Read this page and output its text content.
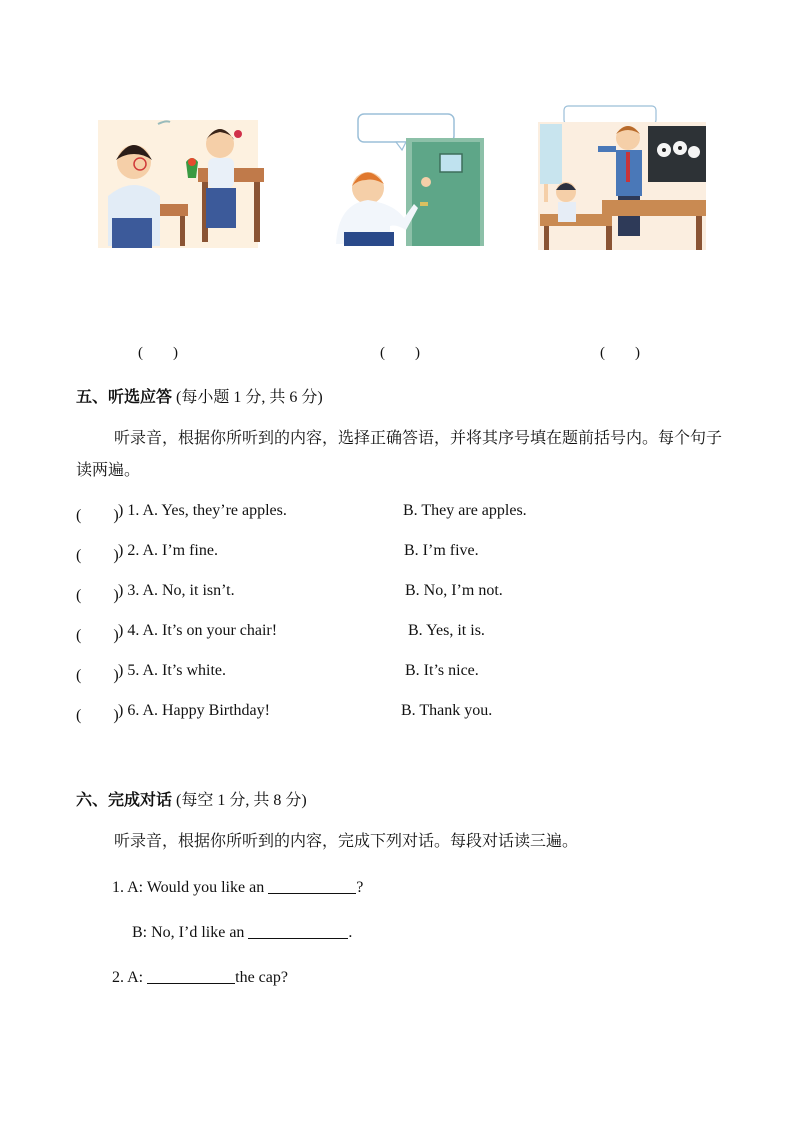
(　　)	(　　)	(　　)
五、听选应答 (每小题 1 分, 共 6 分)
听录音，根据你所听到的内容，选择正确答语，并将其序号填在题前括号内。每个句子读两遍。
(　　) ) 1. A. Yes, they’re apples.	B. They are apples.
(　　) ) 2. A. I’m fine.	B. I’m five.
(　　) ) 3. A. No, it isn’t.	B. No, I’m not.
(　　) ) 4. A. It’s on your chair!	B. Yes, it is.
(　　) ) 5. A. It’s white.	B. It’s nice.
(　　) ) 6. A. Happy Birthday!	B. Thank you.
六、完成对话 (每空 1 分, 共 8 分)
听录音，根据你所听到的内容，完成下列对话。每段对话读三遍。
1. A: Would you like an	?
B: No, I’d like an	.
2. A:	the cap?
